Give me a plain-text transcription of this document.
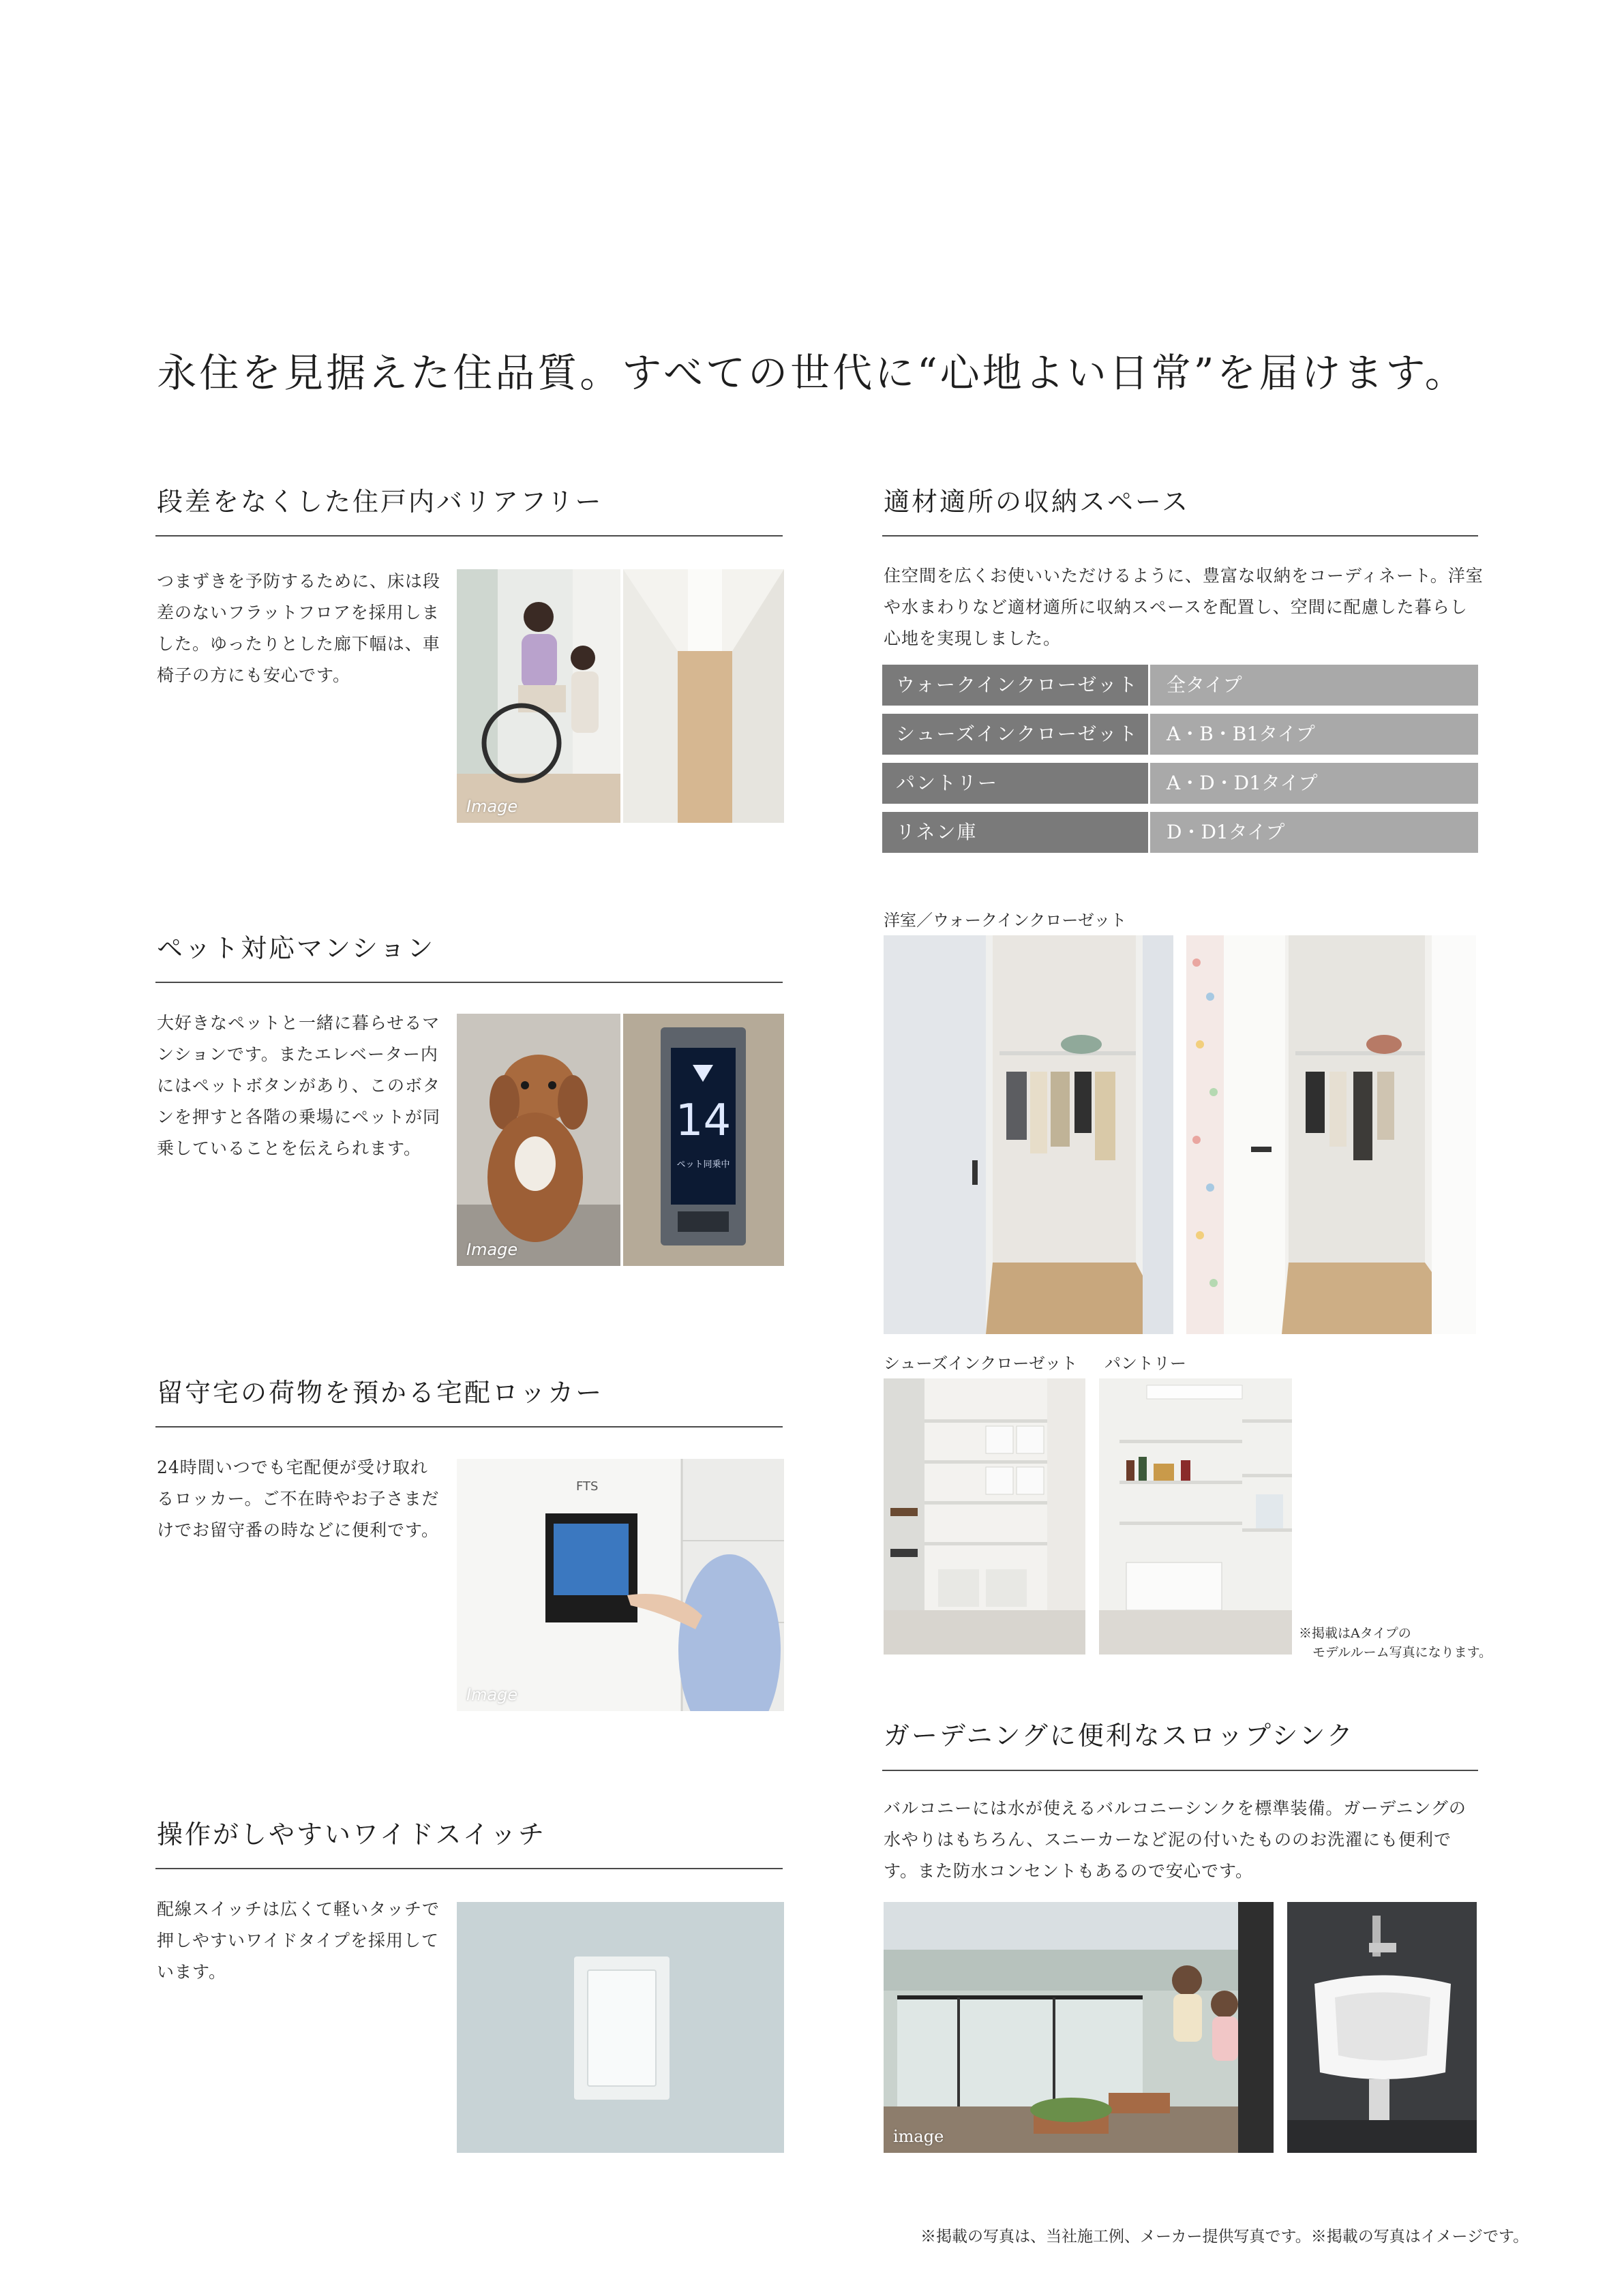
永住を見据えた住品質。すべての世代に“心地よい日常”を届けます。
段差をなくした住戸内バリアフリー
つまずきを予防するために、床は段差のないフラットフロアを採用しました。ゆったりとした廊下幅は、車椅子の方にも安心です。
Image
ペット対応マンション
大好きなペットと一緒に暮らせるマンションです。またエレベーター内にはペットボタンがあり、このボタンを押すと各階の乗場にペットが同乗していることを伝えられます。
Image
14
ペット同乗中
留守宅の荷物を預かる宅配ロッカー
24時間いつでも宅配便が受け取れるロッカー。ご不在時やお子さまだけでお留守番の時などに便利です。
FTS
Image
操作がしやすいワイドスイッチ
配線スイッチは広くて軽いタッチで押しやすいワイドタイプを採用しています。
適材適所の収納スペース
住空間を広くお使いいただけるように、豊富な収納をコーディネート。洋室や水まわりなど適材適所に収納スペースを配置し、空間に配慮した暮らし心地を実現しました。
ウォークインクローゼット	全タイプ
シューズインクローゼット	A・B・B1タイプ
パントリー	A・D・D1タイプ
リネン庫	D・D1タイプ
洋室／ウォークインクローゼット
シューズインクローゼット パントリー
※掲載はAタイプの
モデルルーム写真になります。
ガーデニングに便利なスロップシンク
バルコニーには水が使えるバルコニーシンクを標準装備。ガーデニングの水やりはもちろん、スニーカーなど泥の付いたもののお洗濯にも便利です。また防水コンセントもあるので安心です。
image
※掲載の写真は、当社施工例、メーカー提供写真です。※掲載の写真はイメージです。
